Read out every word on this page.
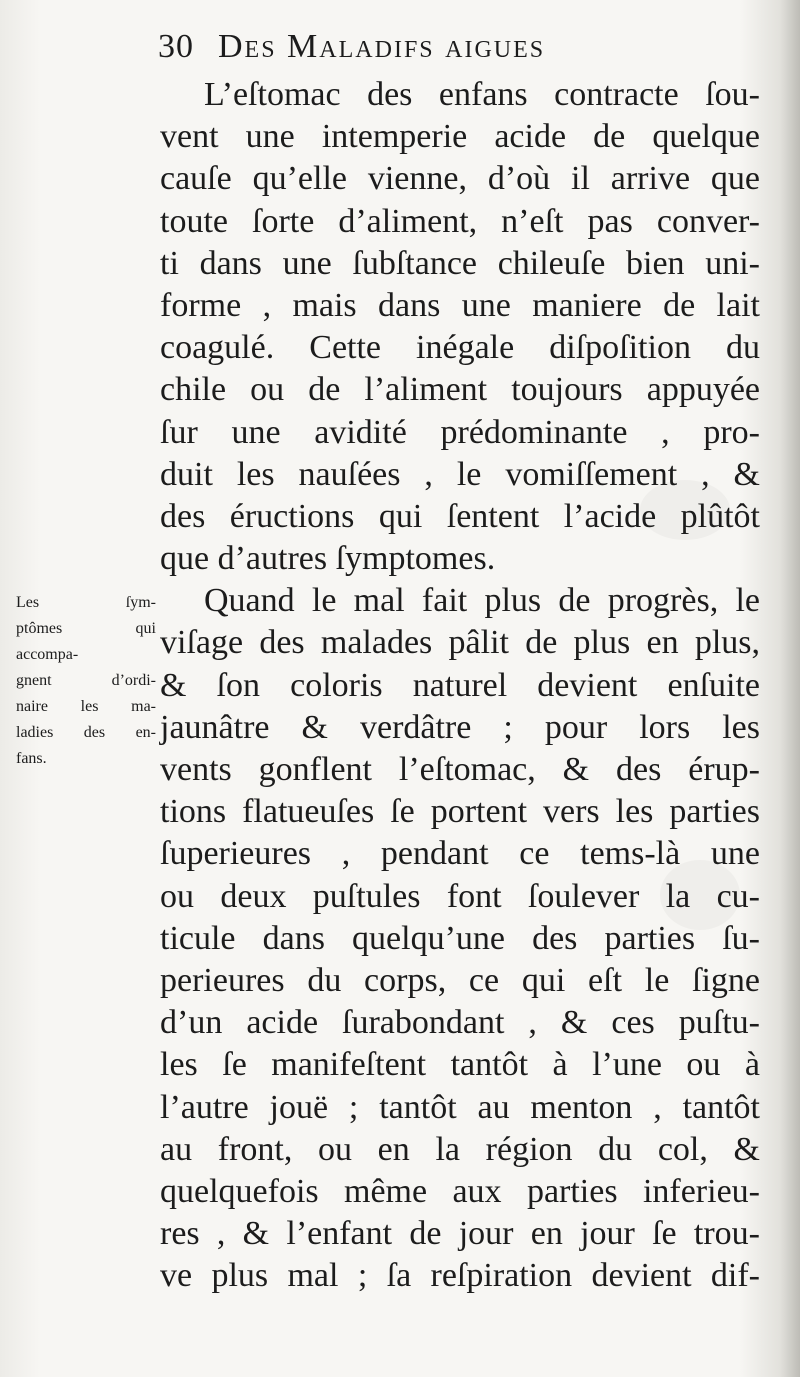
30 Des Maladifs aigues
L’eſtomac des enfans contracte ſou-
vent une intemperie acide de quelque
cauſe qu’elle vienne, d’où il arrive que
toute ſorte d’aliment, n’eſt pas conver-
ti dans une ſubſtance chileuſe bien uni-
forme , mais dans une maniere de lait
coagulé. Cette inégale diſpoſition du
chile ou de l’aliment toujours appuyée
ſur une avidité prédominante , pro-
duit les nauſées , le vomiſſement , &
des éructions qui ſentent l’acide plûtôt
que d’autres ſymptomes.
Quand le mal fait plus de progrès, le
viſage des malades pâlit de plus en plus,
& ſon coloris naturel devient enſuite
jaunâtre & verdâtre ; pour lors les
vents gonflent l’eſtomac, & des érup-
tions flatueuſes ſe portent vers les parties
ſuperieures , pendant ce tems-là une
ou deux puſtules font ſoulever la cu-
ticule dans quelqu’une des parties ſu-
perieures du corps, ce qui eſt le ſigne
d’un acide ſurabondant , & ces puſtu-
les ſe manifeſtent tantôt à l’une ou à
l’autre jouë ; tantôt au menton , tantôt
au front, ou en la région du col, &
quelquefois même aux parties inferieu-
res , & l’enfant de jour en jour ſe trou-
ve plus mal ; ſa reſpiration devient dif-
Les ſym-
ptômes qui
accompa-
gnent d’ordi-
naire les ma-
ladies des en-
fans.
